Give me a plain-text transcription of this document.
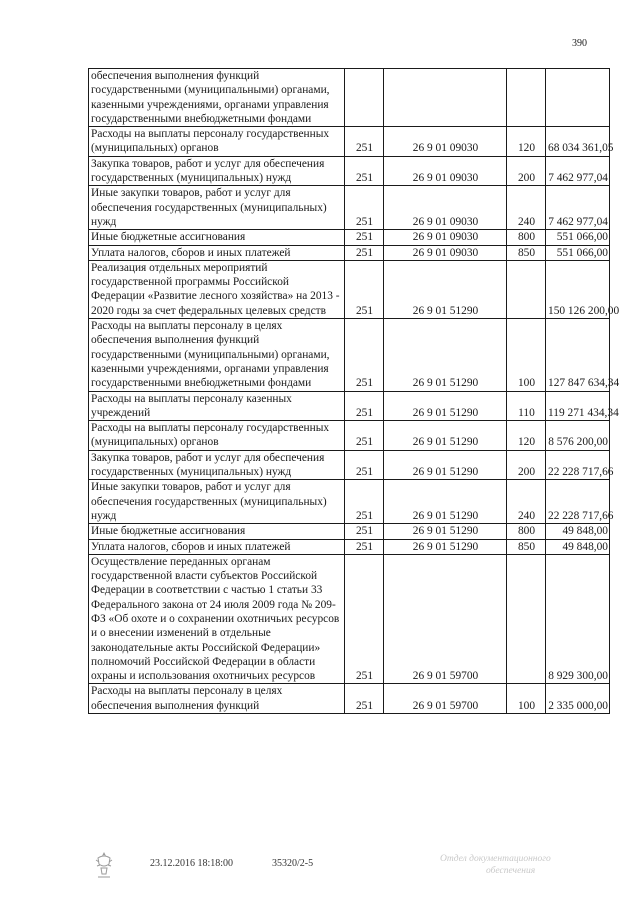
390
обеспечения выполнения функций государственными (муниципальными) органами, казенными учреждениями, органами управления государственными внебюджетными фондами				
Расходы на выплаты персоналу государственных (муниципальных) органов	251	26 9 01 09030	120	68 034 361,05
Закупка товаров, работ и услуг для обеспечения государственных (муниципальных) нужд	251	26 9 01 09030	200	7 462 977,04
Иные закупки товаров, работ и услуг для обеспечения государственных (муниципальных) нужд	251	26 9 01 09030	240	7 462 977,04
Иные бюджетные ассигнования	251	26 9 01 09030	800	551 066,00
Уплата налогов, сборов и иных платежей	251	26 9 01 09030	850	551 066,00
Реализация отдельных мероприятий государственной программы Российской Федерации «Развитие лесного хозяйства» на 2013 - 2020 годы за счет федеральных целевых средств	251	26 9 01 51290		150 126 200,00
Расходы на выплаты персоналу в целях обеспечения выполнения функций государственными (муниципальными) органами, казенными учреждениями, органами управления государственными внебюджетными фондами	251	26 9 01 51290	100	127 847 634,34
Расходы на выплаты персоналу казенных учреждений	251	26 9 01 51290	110	119 271 434,34
Расходы на выплаты персоналу государственных (муниципальных) органов	251	26 9 01 51290	120	8 576 200,00
Закупка товаров, работ и услуг для обеспечения государственных (муниципальных) нужд	251	26 9 01 51290	200	22 228 717,66
Иные закупки товаров, работ и услуг для обеспечения государственных (муниципальных) нужд	251	26 9 01 51290	240	22 228 717,66
Иные бюджетные ассигнования	251	26 9 01 51290	800	49 848,00
Уплата налогов, сборов и иных платежей	251	26 9 01 51290	850	49 848,00
Осуществление переданных органам государственной власти субъектов Российской Федерации в соответствии с частью 1 статьи 33 Федерального закона от 24 июля 2009 года № 209-ФЗ «Об охоте и о сохранении охотничьих ресурсов и о внесении изменений в отдельные законодательные акты Российской Федерации» полномочий Российской Федерации в области охраны и использования охотничьих ресурсов	251	26 9 01 59700		8 929 300,00
Расходы на выплаты персоналу в целях обеспечения выполнения функций	251	26 9 01 59700	100	2 335 000,00
23.12.2016 18:18:00	35320/2-5	Отдел документационного
обеспечения
